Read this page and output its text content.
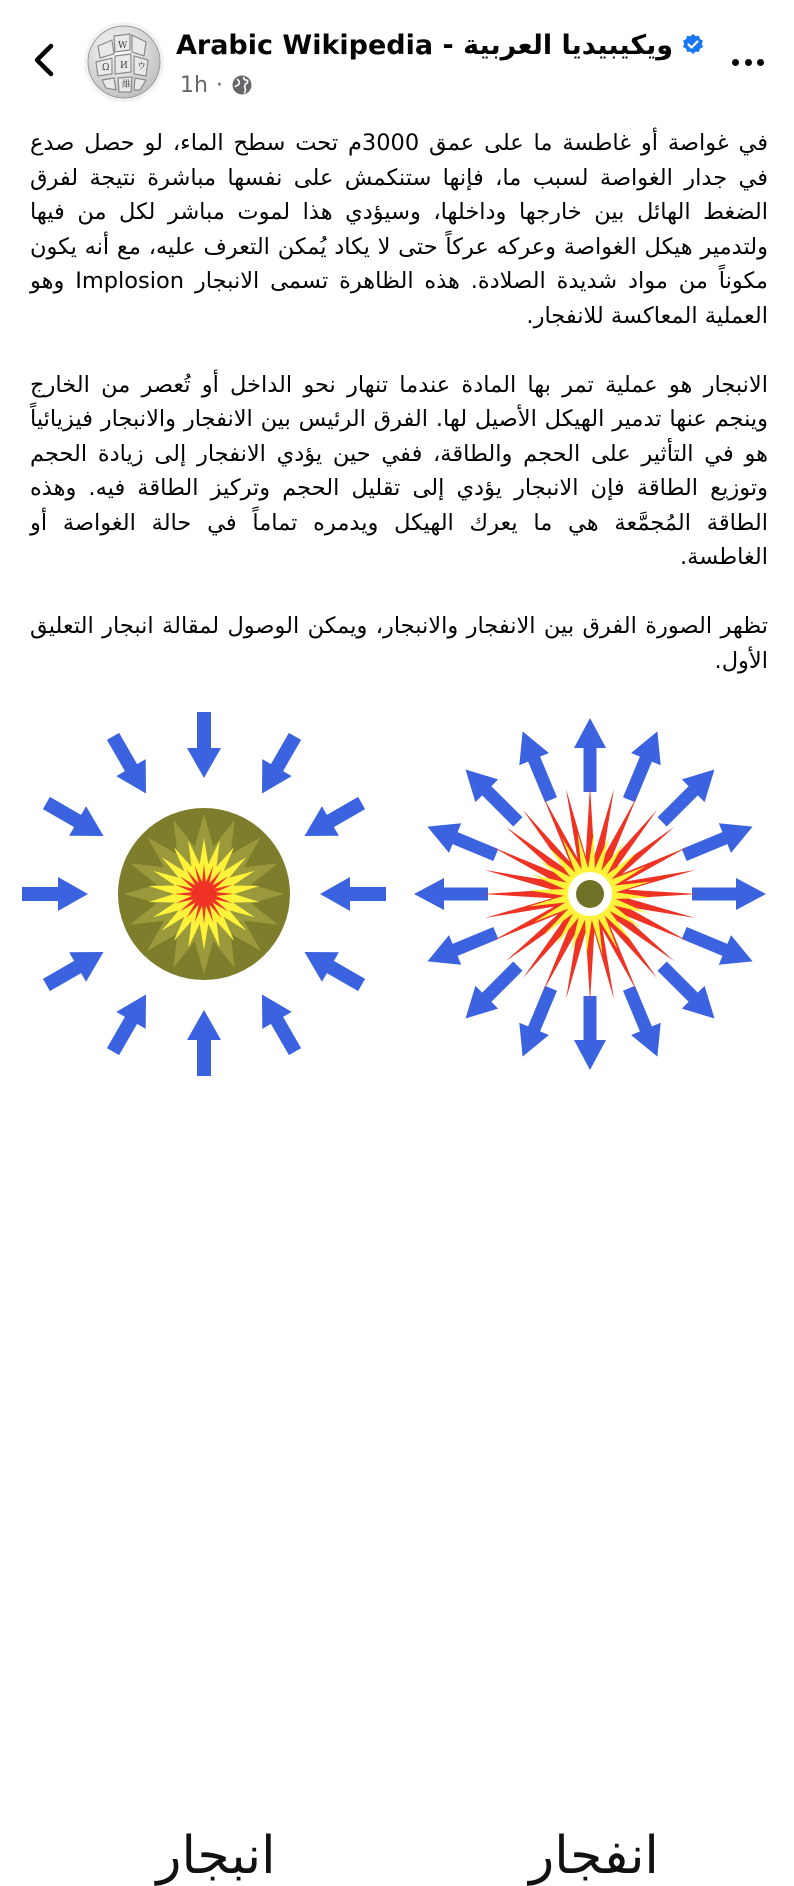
W
Ω И ウ
維
Arabic Wikipedia - ويكيبيديا العربية
1h ·

في غواصة أو غاطسة ما على عمق 3000م تحت سطح الماء، لو حصل صدع في جدار الغواصة لسبب ما، فإنها ستنكمش على نفسها مباشرة نتيجة لفرق الضغط الهائل بين خارجها وداخلها، وسيؤدي هذا لموت مباشر لكل من فيها ولتدمير هيكل الغواصة وعركه عركاً حتى لا يكاد يُمكن التعرف عليه، مع أنه يكون مكوناً من مواد شديدة الصلادة. هذه الظاهرة تسمى الانبجار Implosion وهو العملية المعاكسة للانفجار.

الانبجار هو عملية تمر بها المادة عندما تنهار نحو الداخل أو تُعصر من الخارج وينجم عنها تدمير الهيكل الأصيل لها. الفرق الرئيس بين الانفجار والانبجار فيزيائياً هو في التأثير على الحجم والطاقة، ففي حين يؤدي الانفجار إلى زيادة الحجم وتوزيع الطاقة فإن الانبجار يؤدي إلى تقليل الحجم وتركيز الطاقة فيه. وهذه الطاقة المُجمَّعة هي ما يعرك الهيكل ويدمره تماماً في حالة الغواصة أو الغاطسة.

تظهر الصورة الفرق بين الانفجار والانبجار، ويمكن الوصول لمقالة انبجار التعليق الأول.

انبجار	انفجار
